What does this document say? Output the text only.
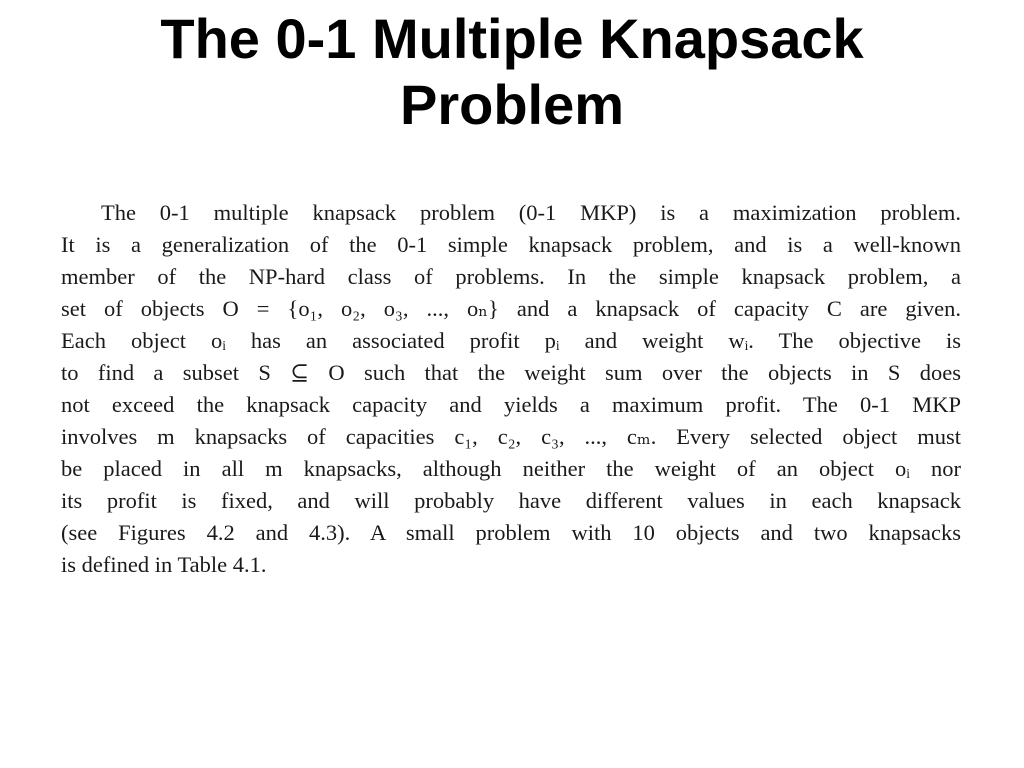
The 0-1 Multiple Knapsack
Problem
The 0-1 multiple knapsack problem (0-1 MKP) is a maximization problem.
It is a generalization of the 0-1 simple knapsack problem, and is a well-known
member of the NP-hard class of problems. In the simple knapsack problem, a
set of objects O = {o₁, o₂, o₃, ..., oₙ} and a knapsack of capacity C are given.
Each object oᵢ has an associated profit pᵢ and weight wᵢ. The objective is
to find a subset S ⊆ O such that the weight sum over the objects in S does
not exceed the knapsack capacity and yields a maximum profit. The 0-1 MKP
involves m knapsacks of capacities c₁, c₂, c₃, ..., cₘ. Every selected object must
be placed in all m knapsacks, although neither the weight of an object oᵢ nor
its profit is fixed, and will probably have different values in each knapsack
(see Figures 4.2 and 4.3). A small problem with 10 objects and two knapsacks
is defined in Table 4.1.
